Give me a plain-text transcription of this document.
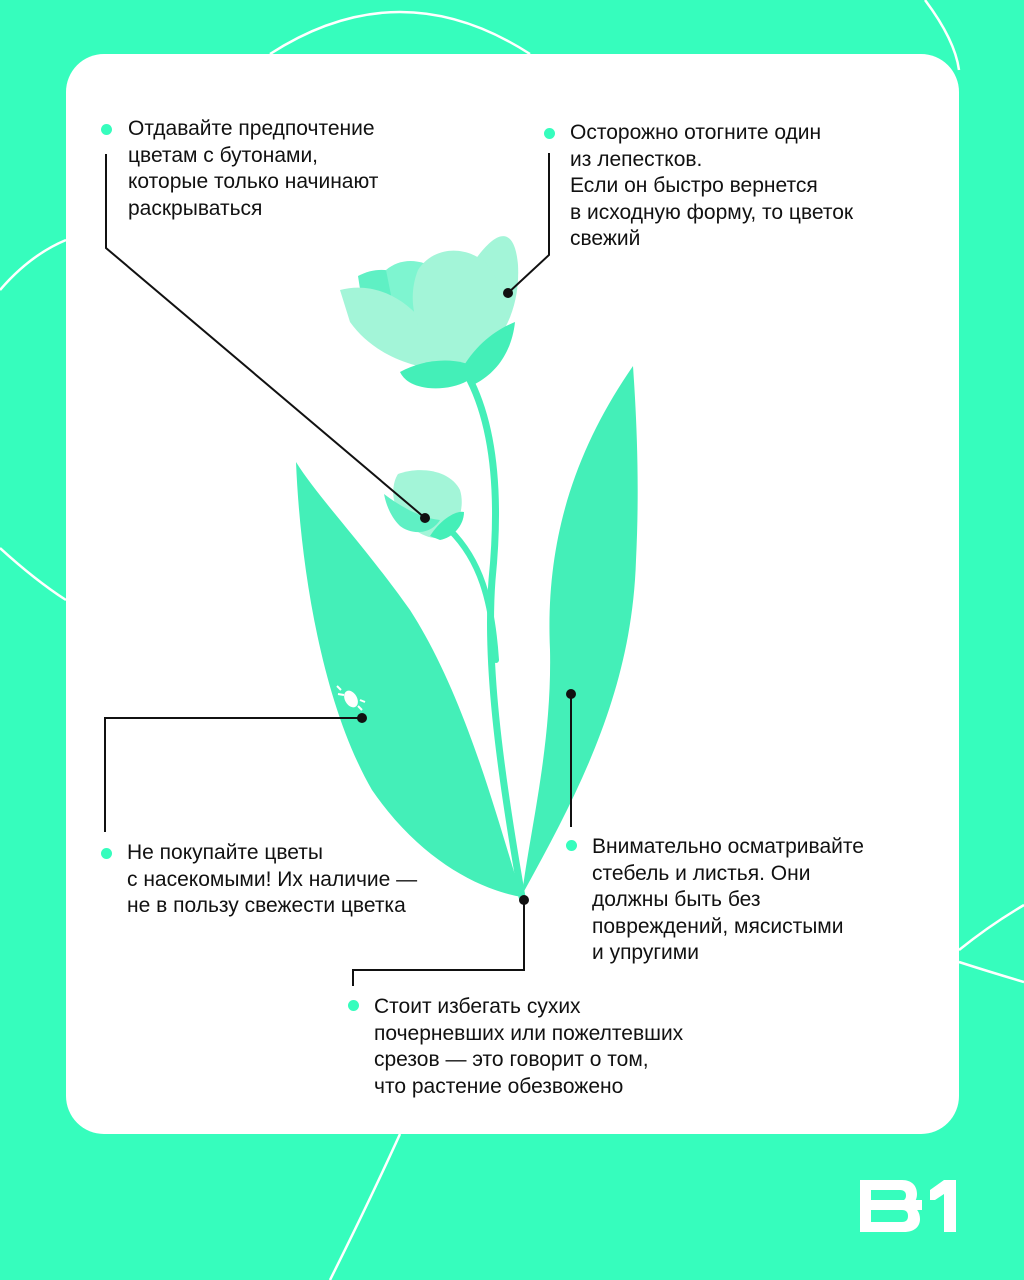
Отдавайте предпочтение
цветам с бутонами,
которые только начинают
раскрываться
Осторожно отогните один
из лепестков.
Если он быстро вернется
в исходную форму, то цветок
свежий
Не покупайте цветы
с насекомыми! Их наличие —
не в пользу свежести цветка
Внимательно осматривайте
стебель и листья. Они
должны быть без
повреждений, мясистыми
и упругими
Стоит избегать сухих
почерневших или пожелтевших
срезов — это говорит о том,
что растение обезвожено
